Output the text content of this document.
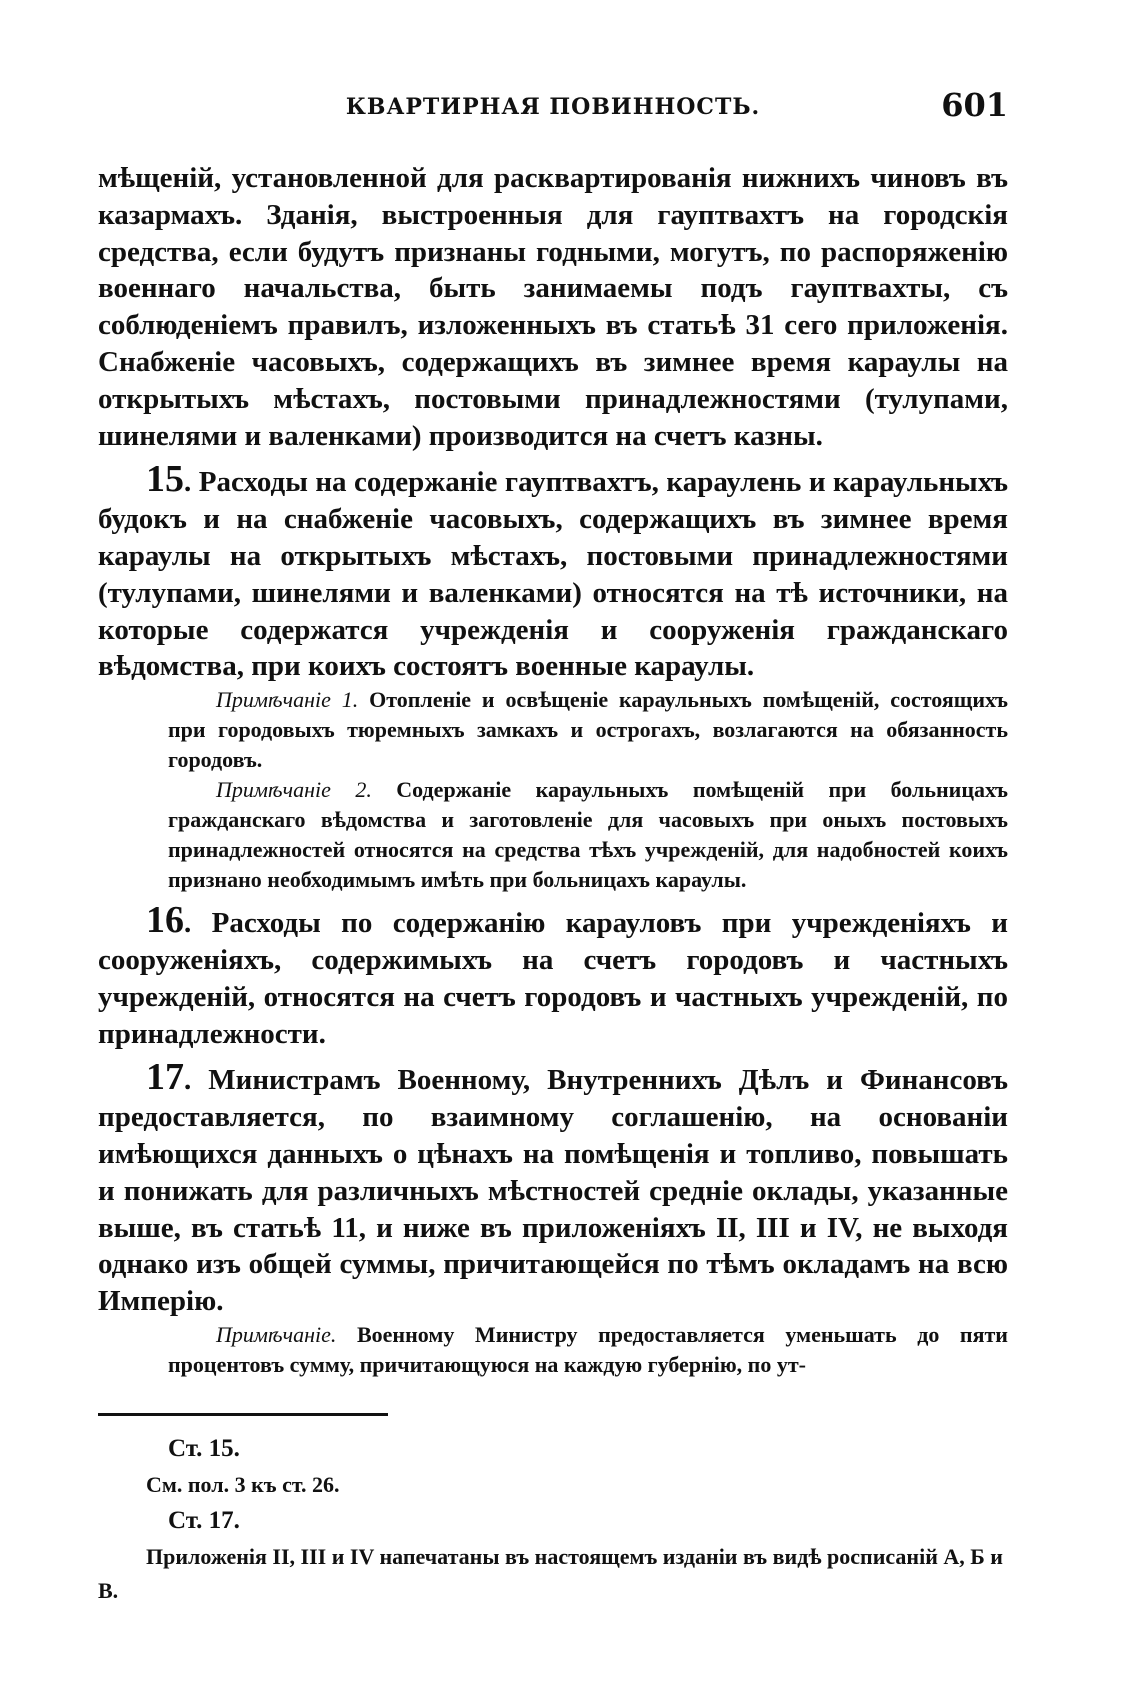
КВАРТИРНАЯ ПОВИННОСТЬ.	601

мѣщеній, установленной для расквартированія нижнихъ чиновъ въ казармахъ. Зданія, выстроенныя для гауптвахтъ на городскія средства, если будутъ признаны годными, могутъ, по распоряженію военнаго начальства, быть занимаемы подъ гауптвахты, съ соблюденіемъ правилъ, изложенныхъ въ статьѣ 31 сего приложенія. Снабженіе часовыхъ, содержащихъ въ зимнее время караулы на открытыхъ мѣстахъ, постовыми принадлежностями (тулупами, шинелями и валенками) производится на счетъ казны.

15. Расходы на содержаніе гауптвахтъ, караулень и караульныхъ будокъ и на снабженіе часовыхъ, содержащихъ въ зимнее время караулы на открытыхъ мѣстахъ, постовыми принадлежностями (тулупами, шинелями и валенками) относятся на тѣ источники, на которые содержатся учрежденія и сооруженія гражданскаго вѣдомства, при коихъ состоятъ военные караулы.

Примѣчаніе 1. Отопленіе и освѣщеніе караульныхъ помѣщеній, состоящихъ при городовыхъ тюремныхъ замкахъ и острогахъ, возлагаются на обязанность городовъ.

Примѣчаніе 2. Содержаніе караульныхъ помѣщеній при больницахъ гражданскаго вѣдомства и заготовленіе для часовыхъ при оныхъ постовыхъ принадлежностей относятся на средства тѣхъ учрежденій, для надобностей коихъ признано необходимымъ имѣть при больницахъ караулы.

16. Расходы по содержанію карауловъ при учрежденіяхъ и сооруженіяхъ, содержимыхъ на счетъ городовъ и частныхъ учрежденій, относятся на счетъ городовъ и частныхъ учрежденій, по принадлежности.

17. Министрамъ Военному, Внутреннихъ Дѣлъ и Финансовъ предоставляется, по взаимному соглашенію, на основаніи имѣющихся данныхъ о цѣнахъ на помѣщенія и топливо, повышать и понижать для различныхъ мѣстностей средніе оклады, указанные выше, въ статьѣ 11, и ниже въ приложеніяхъ II, III и IV, не выходя однако изъ общей суммы, причитающейся по тѣмъ окладамъ на всю Имперію.

Примѣчаніе. Военному Министру предоставляется уменьшать до пяти процентовъ сумму, причитающуюся на каждую губернію, по ут-

Ст. 15.

См. пол. 3 къ ст. 26.

Ст. 17.

Приложенія II, III и IV напечатаны въ настоящемъ изданіи въ видѣ росписаній А, Б и В.
